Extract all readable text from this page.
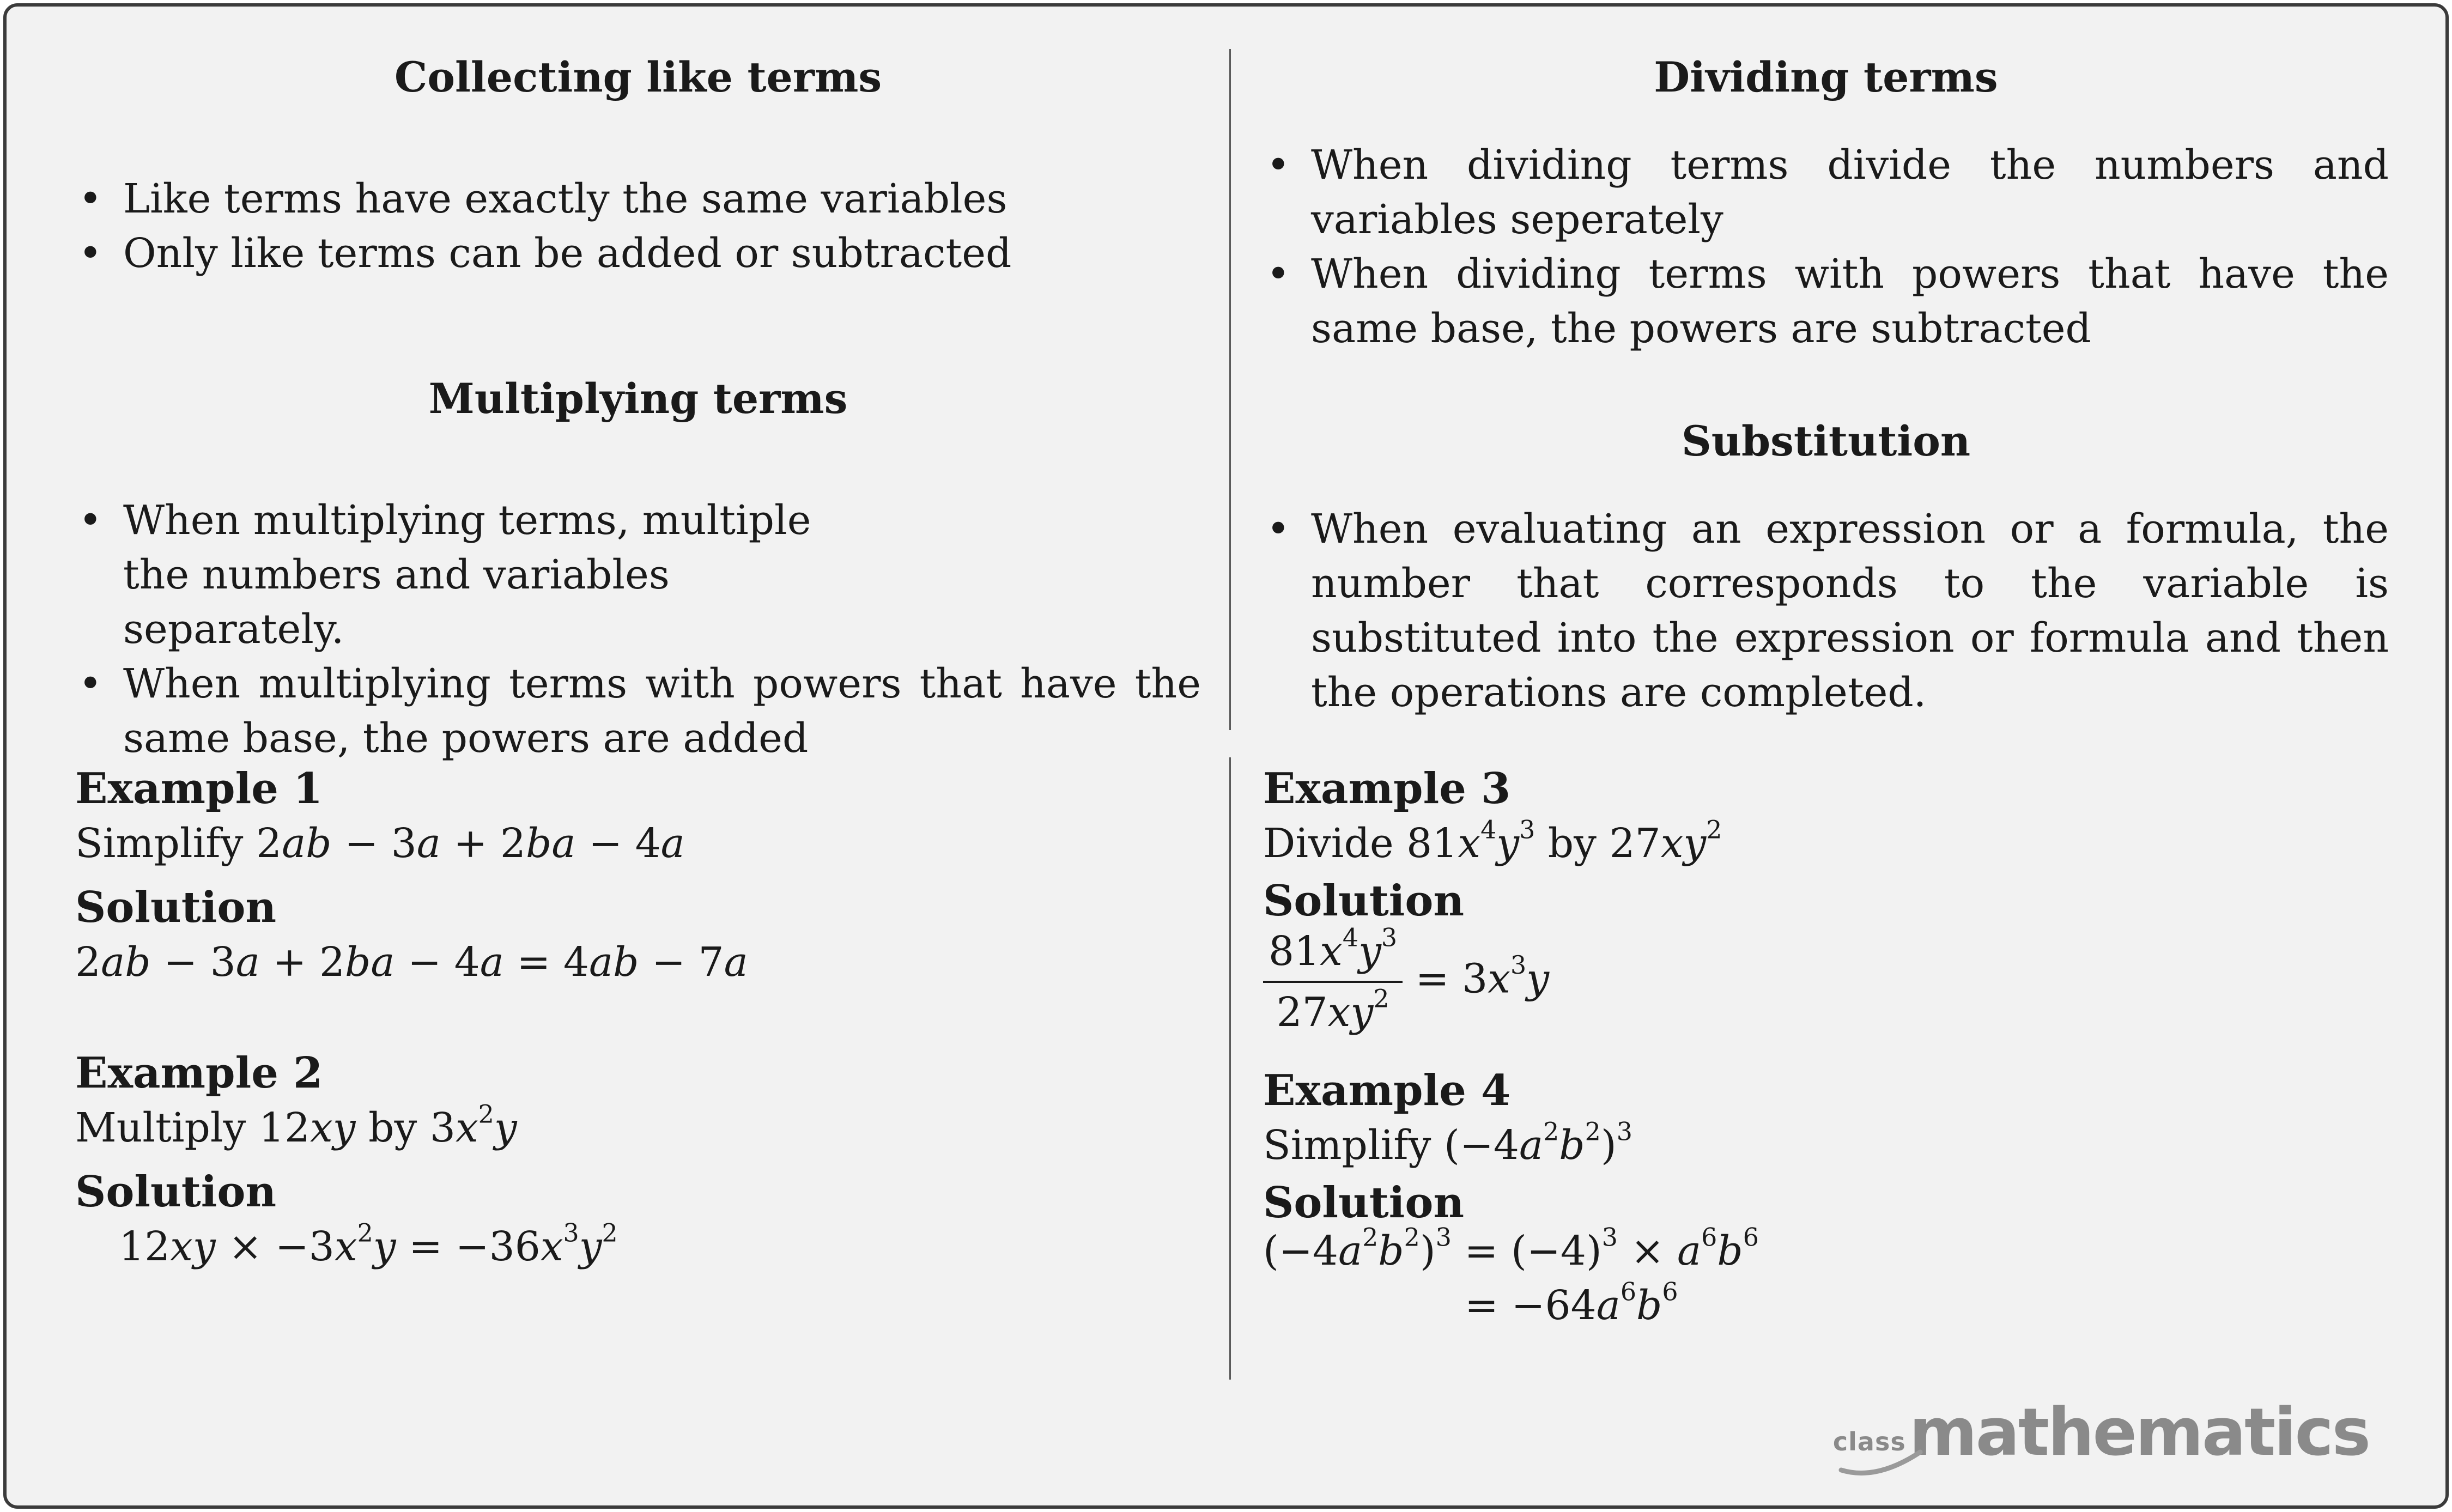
Collecting like terms
• Like terms have exactly the same variables
• Only like terms can be added or subtracted
Multiplying terms
• When multiplying terms, multiple the numbers and variables separately.
• When multiplying terms with powers that have the same base, the powers are added
Example 1
Simplify 2ab − 3a + 2ba − 4a
Solution
2ab − 3a + 2ba − 4a = 4ab − 7a
Example 2
Multiply 12xy by $3x^2y$
Solution
$12xy \times -3x^2y = -36x^3y^2$
Dividing terms
• When dividing terms divide the numbers and variables seperately
• When dividing terms with powers that have the same base, the powers are subtracted
Substitution
• When evaluating an expression or a formula, the number that corresponds to the variable is substituted into the expression or formula and then the operations are completed.
Example 3
Divide $81x^4y^3$ by $27xy^2$
Solution
$\frac{81x^4y^3}{27xy^2} = 3x^3y$
Example 4
Simplify $(-4a^2b^2)^3$
Solution
$(-4a^2b^2)^3 = (-4)^3 \times a^6b^6$
= $-64a^6b^6$
classmathematics
